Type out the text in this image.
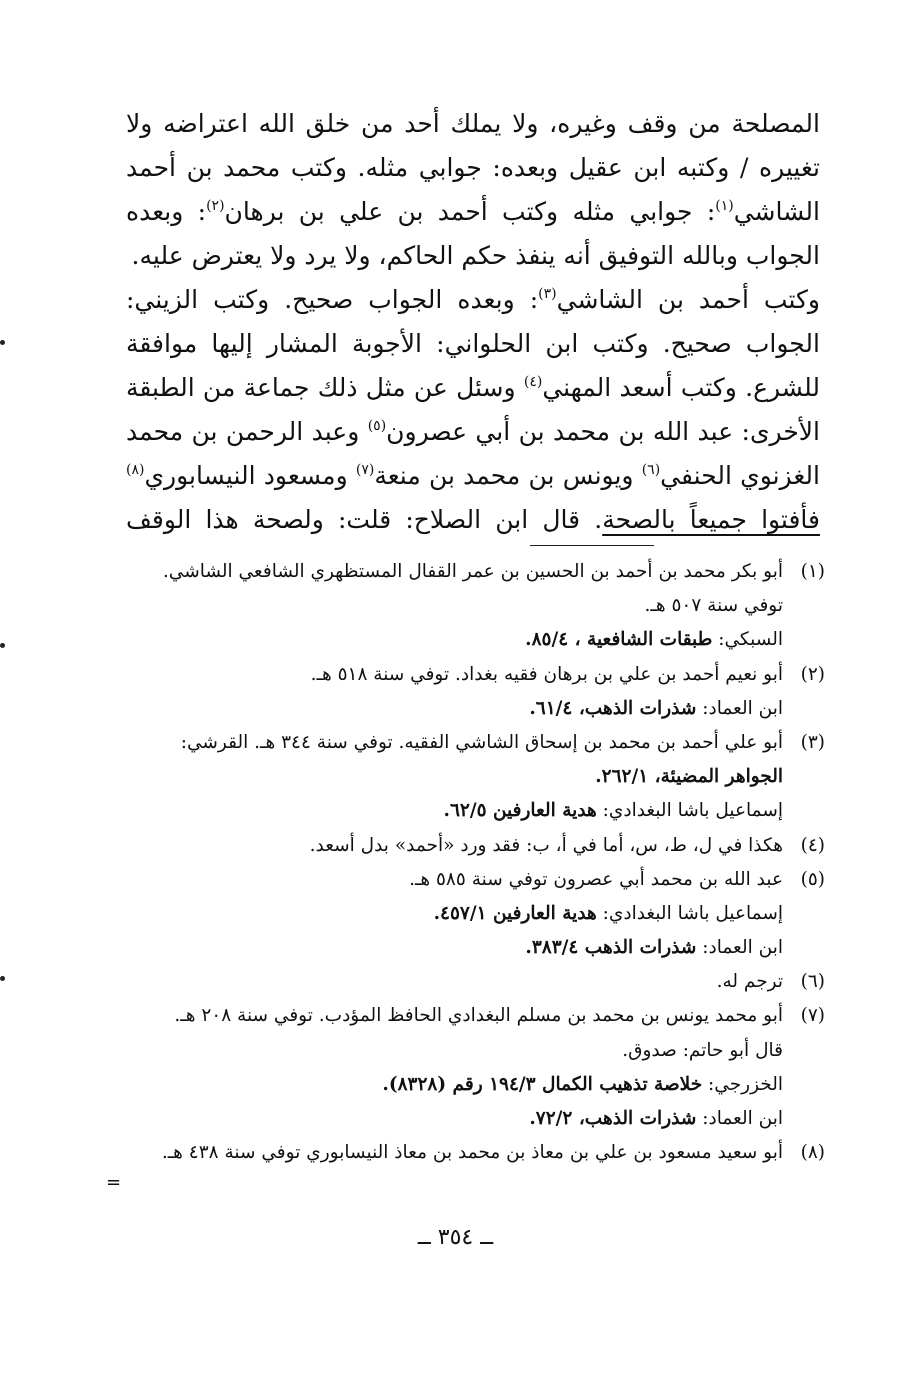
المصلحة من وقف وغيره، ولا يملك أحد من خلق الله اعتراضه ولا
تغييره / وكتبه ابن عقيل وبعده: جوابي مثله. وكتب محمد بن أحمد
الشاشي$^{(١)}$: جوابي مثله وكتب أحمد بن علي بن برهان$^{(٢)}$: وبعده
الجواب وبالله التوفيق أنه ينفذ حكم الحاكم، ولا يرد ولا يعترض عليه.
وكتب أحمد بن الشاشي$^{(٣)}$: وبعده الجواب صحيح. وكتب الزيني:
الجواب صحيح. وكتب ابن الحلواني: الأجوبة المشار إليها موافقة
للشرع. وكتب أسعد المهني$^{(٤)}$ وسئل عن مثل ذلك جماعة من الطبقة
الأخرى: عبد الله بن محمد بن أبي عصرون$^{(٥)}$ وعبد الرحمن بن محمد
الغزنوي الحنفي$^{(٦)}$ ويونس بن محمد بن منعة$^{(٧)}$ ومسعود النيسابوري$^{(٨)}$
فأفتوا جميعاً بالصحة. قال ابن الصلاح: قلت: ولصحة هذا الوقف
(١)أبو بكر محمد بن أحمد بن الحسين بن عمر القفال المستظهري الشافعي الشاشي.
توفي سنة ٥٠٧ هـ.
السبكي: طبقات الشافعية ، ٨٥/٤.
(٢)أبو نعيم أحمد بن علي بن برهان فقيه بغداد. توفي سنة ٥١٨ هـ.
ابن العماد: شذرات الذهب، ٦١/٤.
(٣)أبو علي أحمد بن محمد بن إسحاق الشاشي الفقيه. توفي سنة ٣٤٤ هـ. القرشي:
الجواهر المضيئة، ٢٦٢/١.
إسماعيل باشا البغدادي: هدية العارفين ٦٢/٥.
(٤)هكذا في ل، ط، س، أما في أ، ب: فقد ورد «أحمد» بدل أسعد.
(٥)عبد الله بن محمد أبي عصرون توفي سنة ٥٨٥ هـ.
إسماعيل باشا البغدادي: هدية العارفين ٤٥٧/١.
ابن العماد: شذرات الذهب ٣٨٣/٤.
(٦)ترجم له.
(٧)أبو محمد يونس بن محمد بن مسلم البغدادي الحافظ المؤدب. توفي سنة ٢٠٨ هـ.
قال أبو حاتم: صدوق.
الخزرجي: خلاصة تذهيب الكمال ١٩٤/٣ رقم (٨٣٢٨).
ابن العماد: شذرات الذهب، ٧٢/٢.
(٨)أبو سعيد مسعود بن علي بن معاذ بن محمد بن معاذ النيسابوري توفي سنة ٤٣٨ هـ.
=
ــ ٣٥٤ ــ
